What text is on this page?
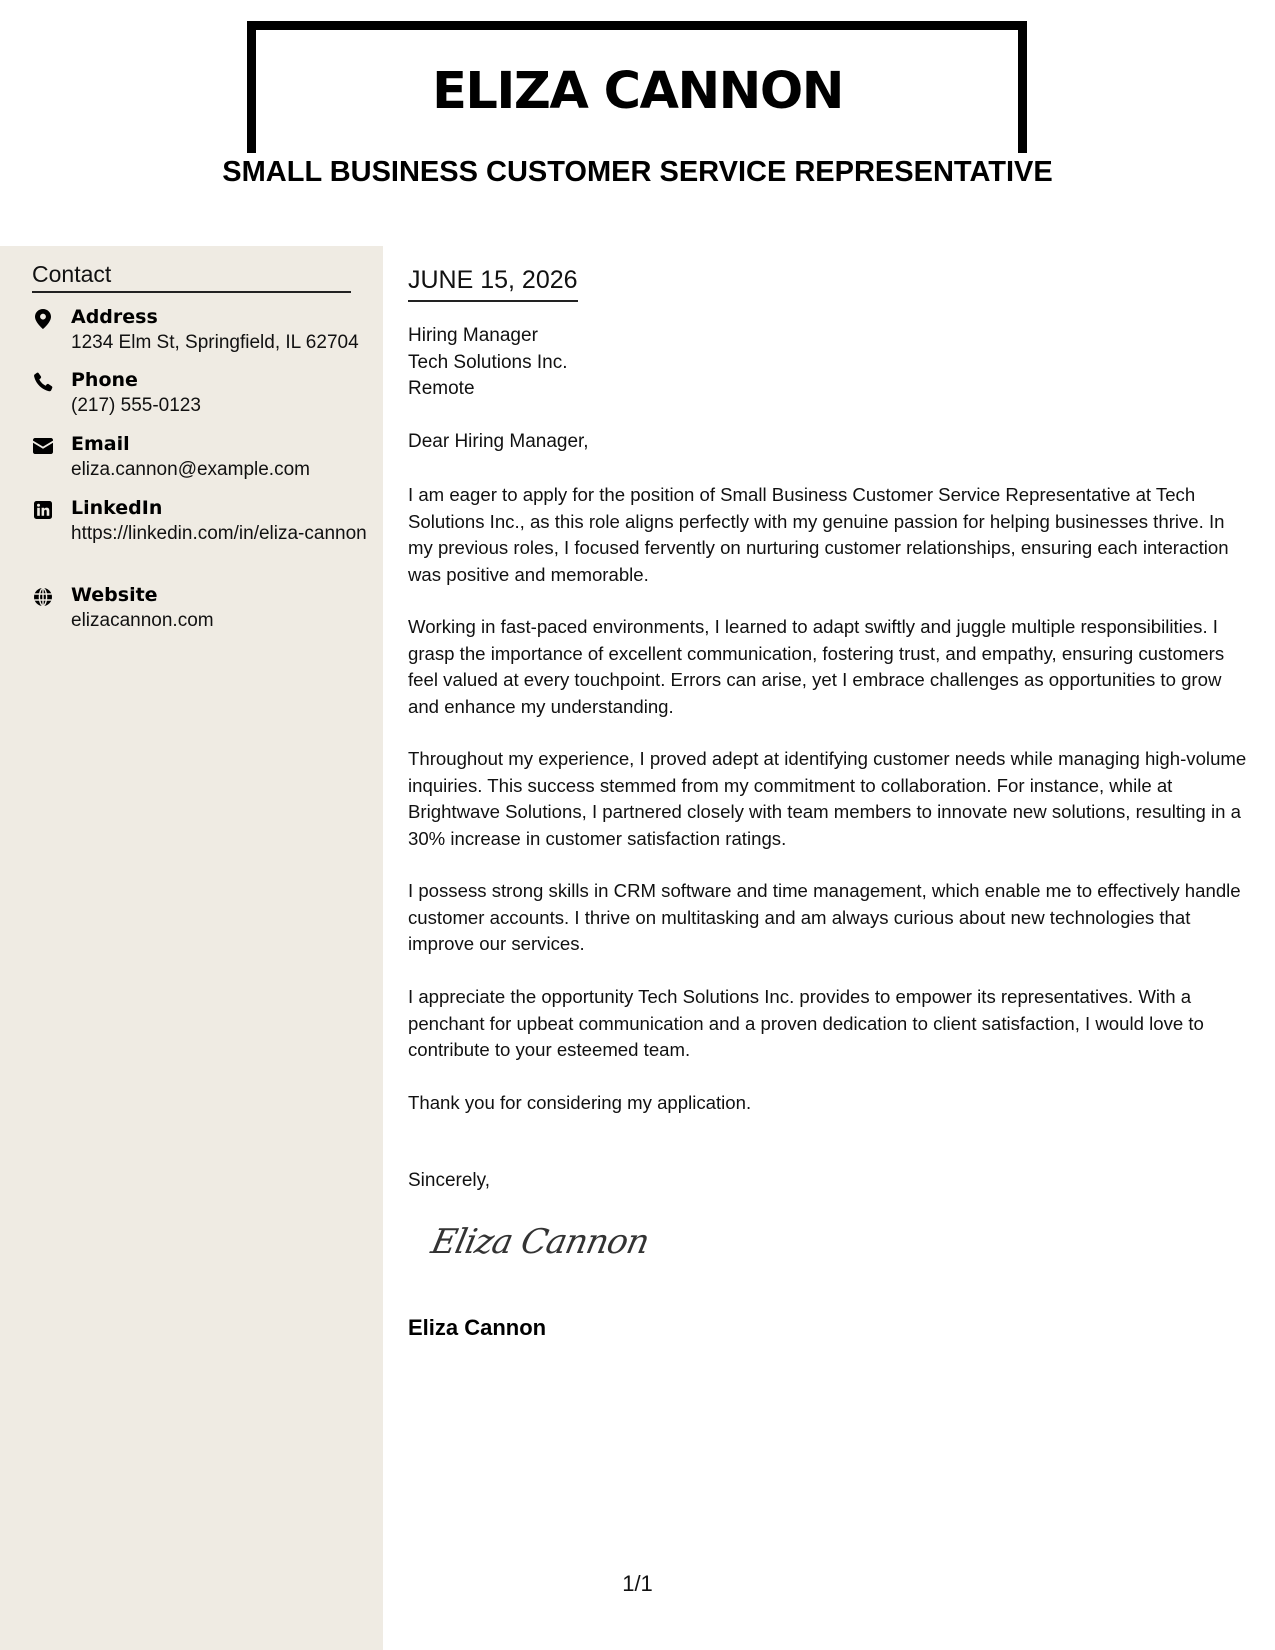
ELIZA CANNON
SMALL BUSINESS CUSTOMER SERVICE REPRESENTATIVE
Contact
Address
1234 Elm St, Springfield, IL 62704
Phone
(217) 555-0123
Email
eliza.cannon@example.com
LinkedIn
https://linkedin.com/in/eliza-cannon
Website
elizacannon.com
JUNE 15, 2026
Hiring Manager
Tech Solutions Inc.
Remote
Dear Hiring Manager,

I am eager to apply for the position of Small Business Customer Service Representative at Tech Solutions Inc., as this role aligns perfectly with my genuine passion for helping businesses thrive. In my previous roles, I focused fervently on nurturing customer relationships, ensuring each interaction was positive and memorable.

Working in fast-paced environments, I learned to adapt swiftly and juggle multiple responsibilities. I grasp the importance of excellent communication, fostering trust, and empathy, ensuring customers feel valued at every touchpoint. Errors can arise, yet I embrace challenges as opportunities to grow and enhance my understanding.

Throughout my experience, I proved adept at identifying customer needs while managing high-volume inquiries. This success stemmed from my commitment to collaboration. For instance, while at Brightwave Solutions, I partnered closely with team members to innovate new solutions, resulting in a 30% increase in customer satisfaction ratings.

I possess strong skills in CRM software and time management, which enable me to effectively handle customer accounts. I thrive on multitasking and am always curious about new technologies that improve our services.

I appreciate the opportunity Tech Solutions Inc. provides to empower its representatives. With a penchant for upbeat communication and a proven dedication to client satisfaction, I would love to contribute to your esteemed team.

Thank you for considering my application.

Sincerely,
Eliza Cannon
Eliza Cannon
1/1
